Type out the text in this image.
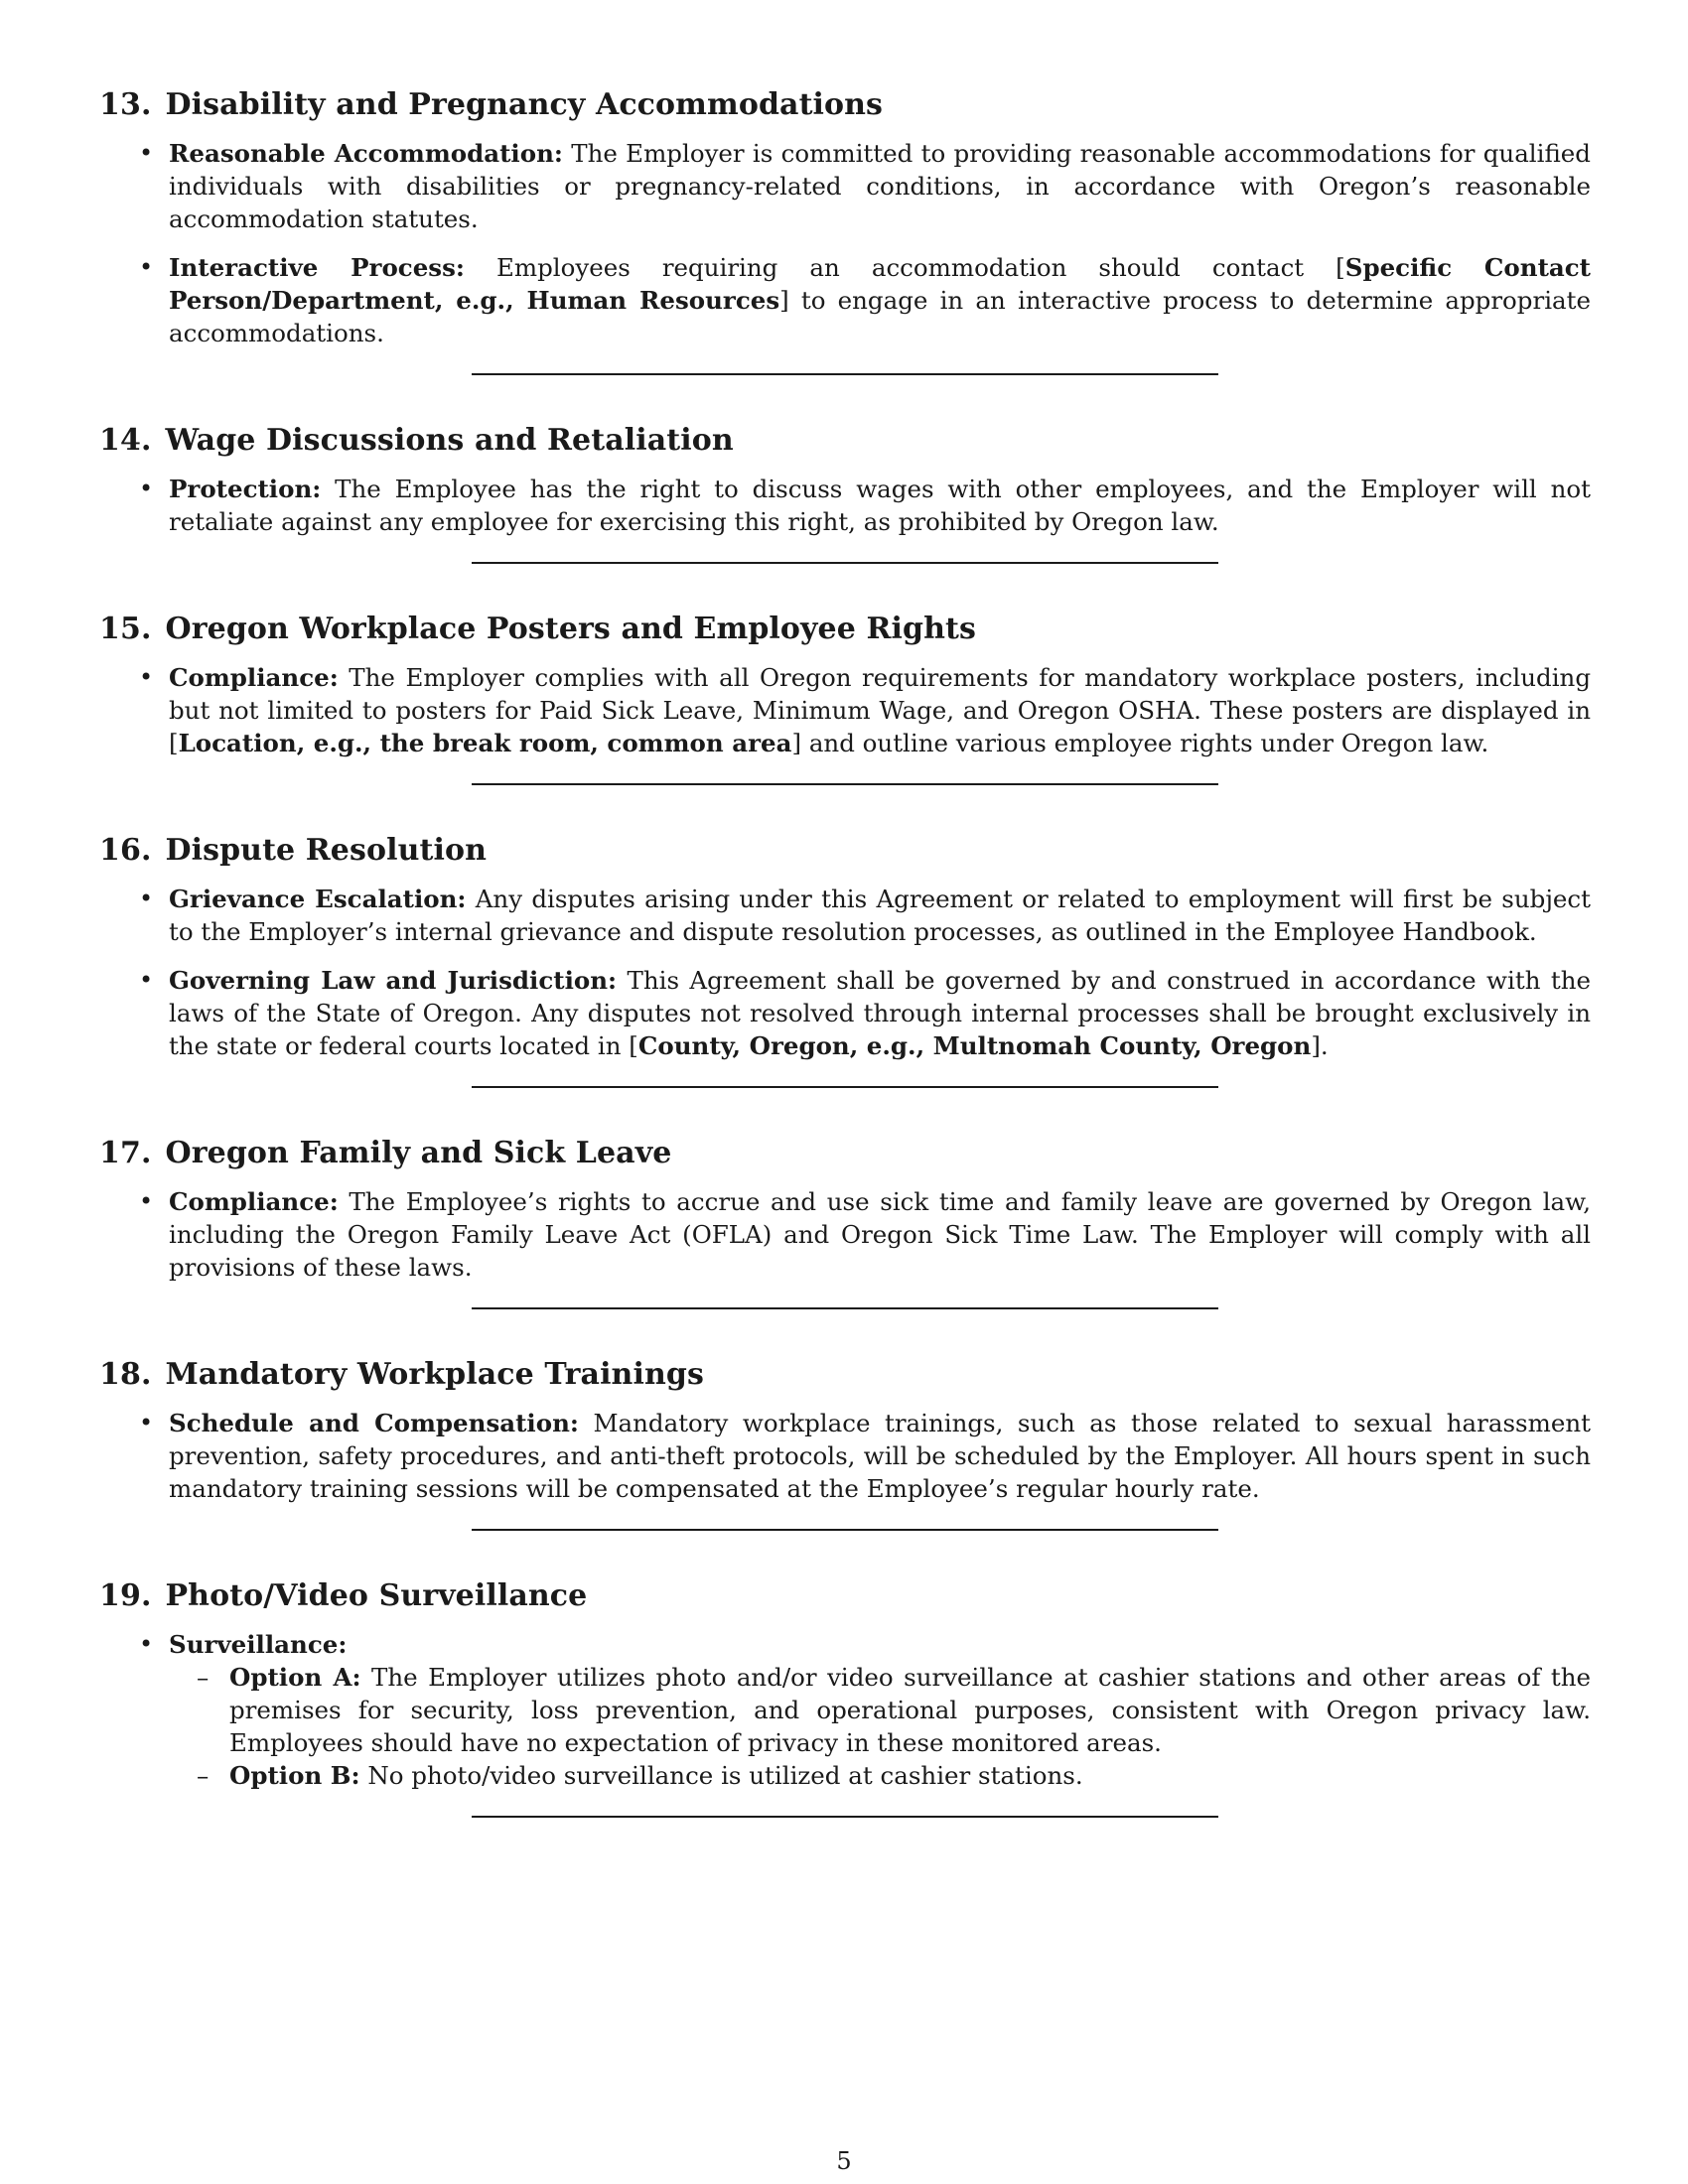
13. Disability and Pregnancy Accommodations
• Reasonable Accommodation: The Employer is committed to providing reasonable accommodations for qualified individuals with disabilities or pregnancy-related conditions, in accordance with Oregon’s reasonable accommodation statutes.
• Interactive Process: Employees requiring an accommodation should contact [Specific Contact Person/Department, e.g., Human Resources] to engage in an interactive process to determine appropriate accommodations.
14. Wage Discussions and Retaliation
• Protection: The Employee has the right to discuss wages with other employees, and the Employer will not retaliate against any employee for exercising this right, as prohibited by Oregon law.
15. Oregon Workplace Posters and Employee Rights
• Compliance: The Employer complies with all Oregon requirements for mandatory workplace posters, including but not limited to posters for Paid Sick Leave, Minimum Wage, and Oregon OSHA. These posters are displayed in [Location, e.g., the break room, common area] and outline various employee rights under Oregon law.
16. Dispute Resolution
• Grievance Escalation: Any disputes arising under this Agreement or related to employment will first be subject to the Employer’s internal grievance and dispute resolution processes, as outlined in the Employee Handbook.
• Governing Law and Jurisdiction: This Agreement shall be governed by and construed in accordance with the laws of the State of Oregon. Any disputes not resolved through internal processes shall be brought exclusively in the state or federal courts located in [County, Oregon, e.g., Multnomah County, Oregon].
17. Oregon Family and Sick Leave
• Compliance: The Employee’s rights to accrue and use sick time and family leave are governed by Oregon law, including the Oregon Family Leave Act (OFLA) and Oregon Sick Time Law. The Employer will comply with all provisions of these laws.
18. Mandatory Workplace Trainings
• Schedule and Compensation: Mandatory workplace trainings, such as those related to sexual harassment prevention, safety procedures, and anti-theft protocols, will be scheduled by the Employer. All hours spent in such mandatory training sessions will be compensated at the Employee’s regular hourly rate.
19. Photo/Video Surveillance
• Surveillance:
– Option A: The Employer utilizes photo and/or video surveillance at cashier stations and other areas of the premises for security, loss prevention, and operational purposes, consistent with Oregon privacy law. Employees should have no expectation of privacy in these monitored areas.
– Option B: No photo/video surveillance is utilized at cashier stations.
5
